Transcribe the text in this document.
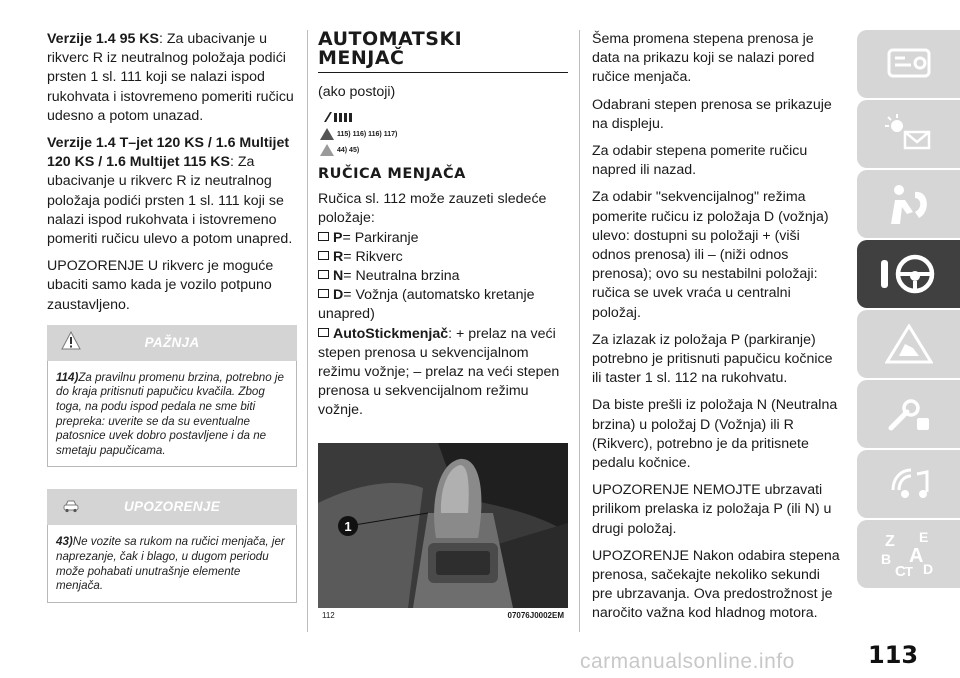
Verzije 1.4 95 KS: Za ubacivanje u rikverc R iz neutralnog položaja podići prsten 1 sl. 111 koji se nalazi ispod rukohvata i istovremeno pomeriti ručicu udesno a potom unazad.

Verzije 1.4 T–jet 120 KS / 1.6 Multijet 120 KS / 1.6 Multijet 115 KS: Za ubacivanje u rikverc R iz neutralnog položaja podići prsten 1 sl. 111 koji se nalazi ispod rukohvata i istovremeno pomeriti ručicu ulevo a potom unapred.

UPOZORENJE U rikverc je moguće ubaciti samo kada je vozilo potpuno zaustavljeno.

PAŽNJA
114)Za pravilnu promenu brzina, potrebno je do kraja pritisnuti papučicu kvačila. Zbog toga, na podu ispod pedala ne sme biti prepreka: uverite se da su eventualne patosnice uvek dobro postavljene i da ne smetaju papučicama.
UPOZORENJE
43)Ne vozite sa rukom na ručici menjača, jer naprezanje, čak i blago, u dugom periodu može pohabati unutrašnje elemente menjača.
AUTOMATSKI
MENJAČ

(ako postoji)

115) 116) 116) 117)
44) 45)
RUČICA MENJAČA

Ručica sl. 112 može zauzeti sledeće položaje:

P= Parkiranje
R= Rikverc
N= Neutralna brzina
D= Vožnja (automatsko kretanje unapred)
AutoStickmenjač: + prelaz na veći stepen prenosa u sekvencijalnom režimu vožnje; – prelaz na veći stepen prenosa u sekvencijalnom režimu vožnje.
1
112	07076J0002EM

Šema promena stepena prenosa je data na prikazu koji se nalazi pored ručice menjača.

Odabrani stepen prenosa se prikazuje na displeju.

Za odabir stepena pomerite ručicu napred ili nazad.

Za odabir "sekvencijalnog" režima pomerite ručicu iz položaja D (vožnja) ulevo: dostupni su položaji + (viši odnos prenosa) ili – (niži odnos prenosa); ovo su nestabilni položaji: ručica se uvek vraća u centralni položaj.

Za izlazak iz položaja P (parkiranje) potrebno je pritisnuti papučicu kočnice ili taster 1 sl. 112 na rukohvatu.

Da biste prešli iz položaja N (Neutralna brzina) u položaj D (Vožnja) ili R (Rikverc), potrebno je da pritisnete pedalu kočnice.

UPOZORENJE NEMOJTE ubrzavati prilikom prelaska iz položaja P (ili N) u drugi položaj.

UPOZORENJE Nakon odabira stepena prenosa, sačekajte nekoliko sekundi pre ubrzavanja. Ova predostrožnost je naročito važna kod hladnog motora.

Z E
B A
C T D
carmanualsonline.info	113
